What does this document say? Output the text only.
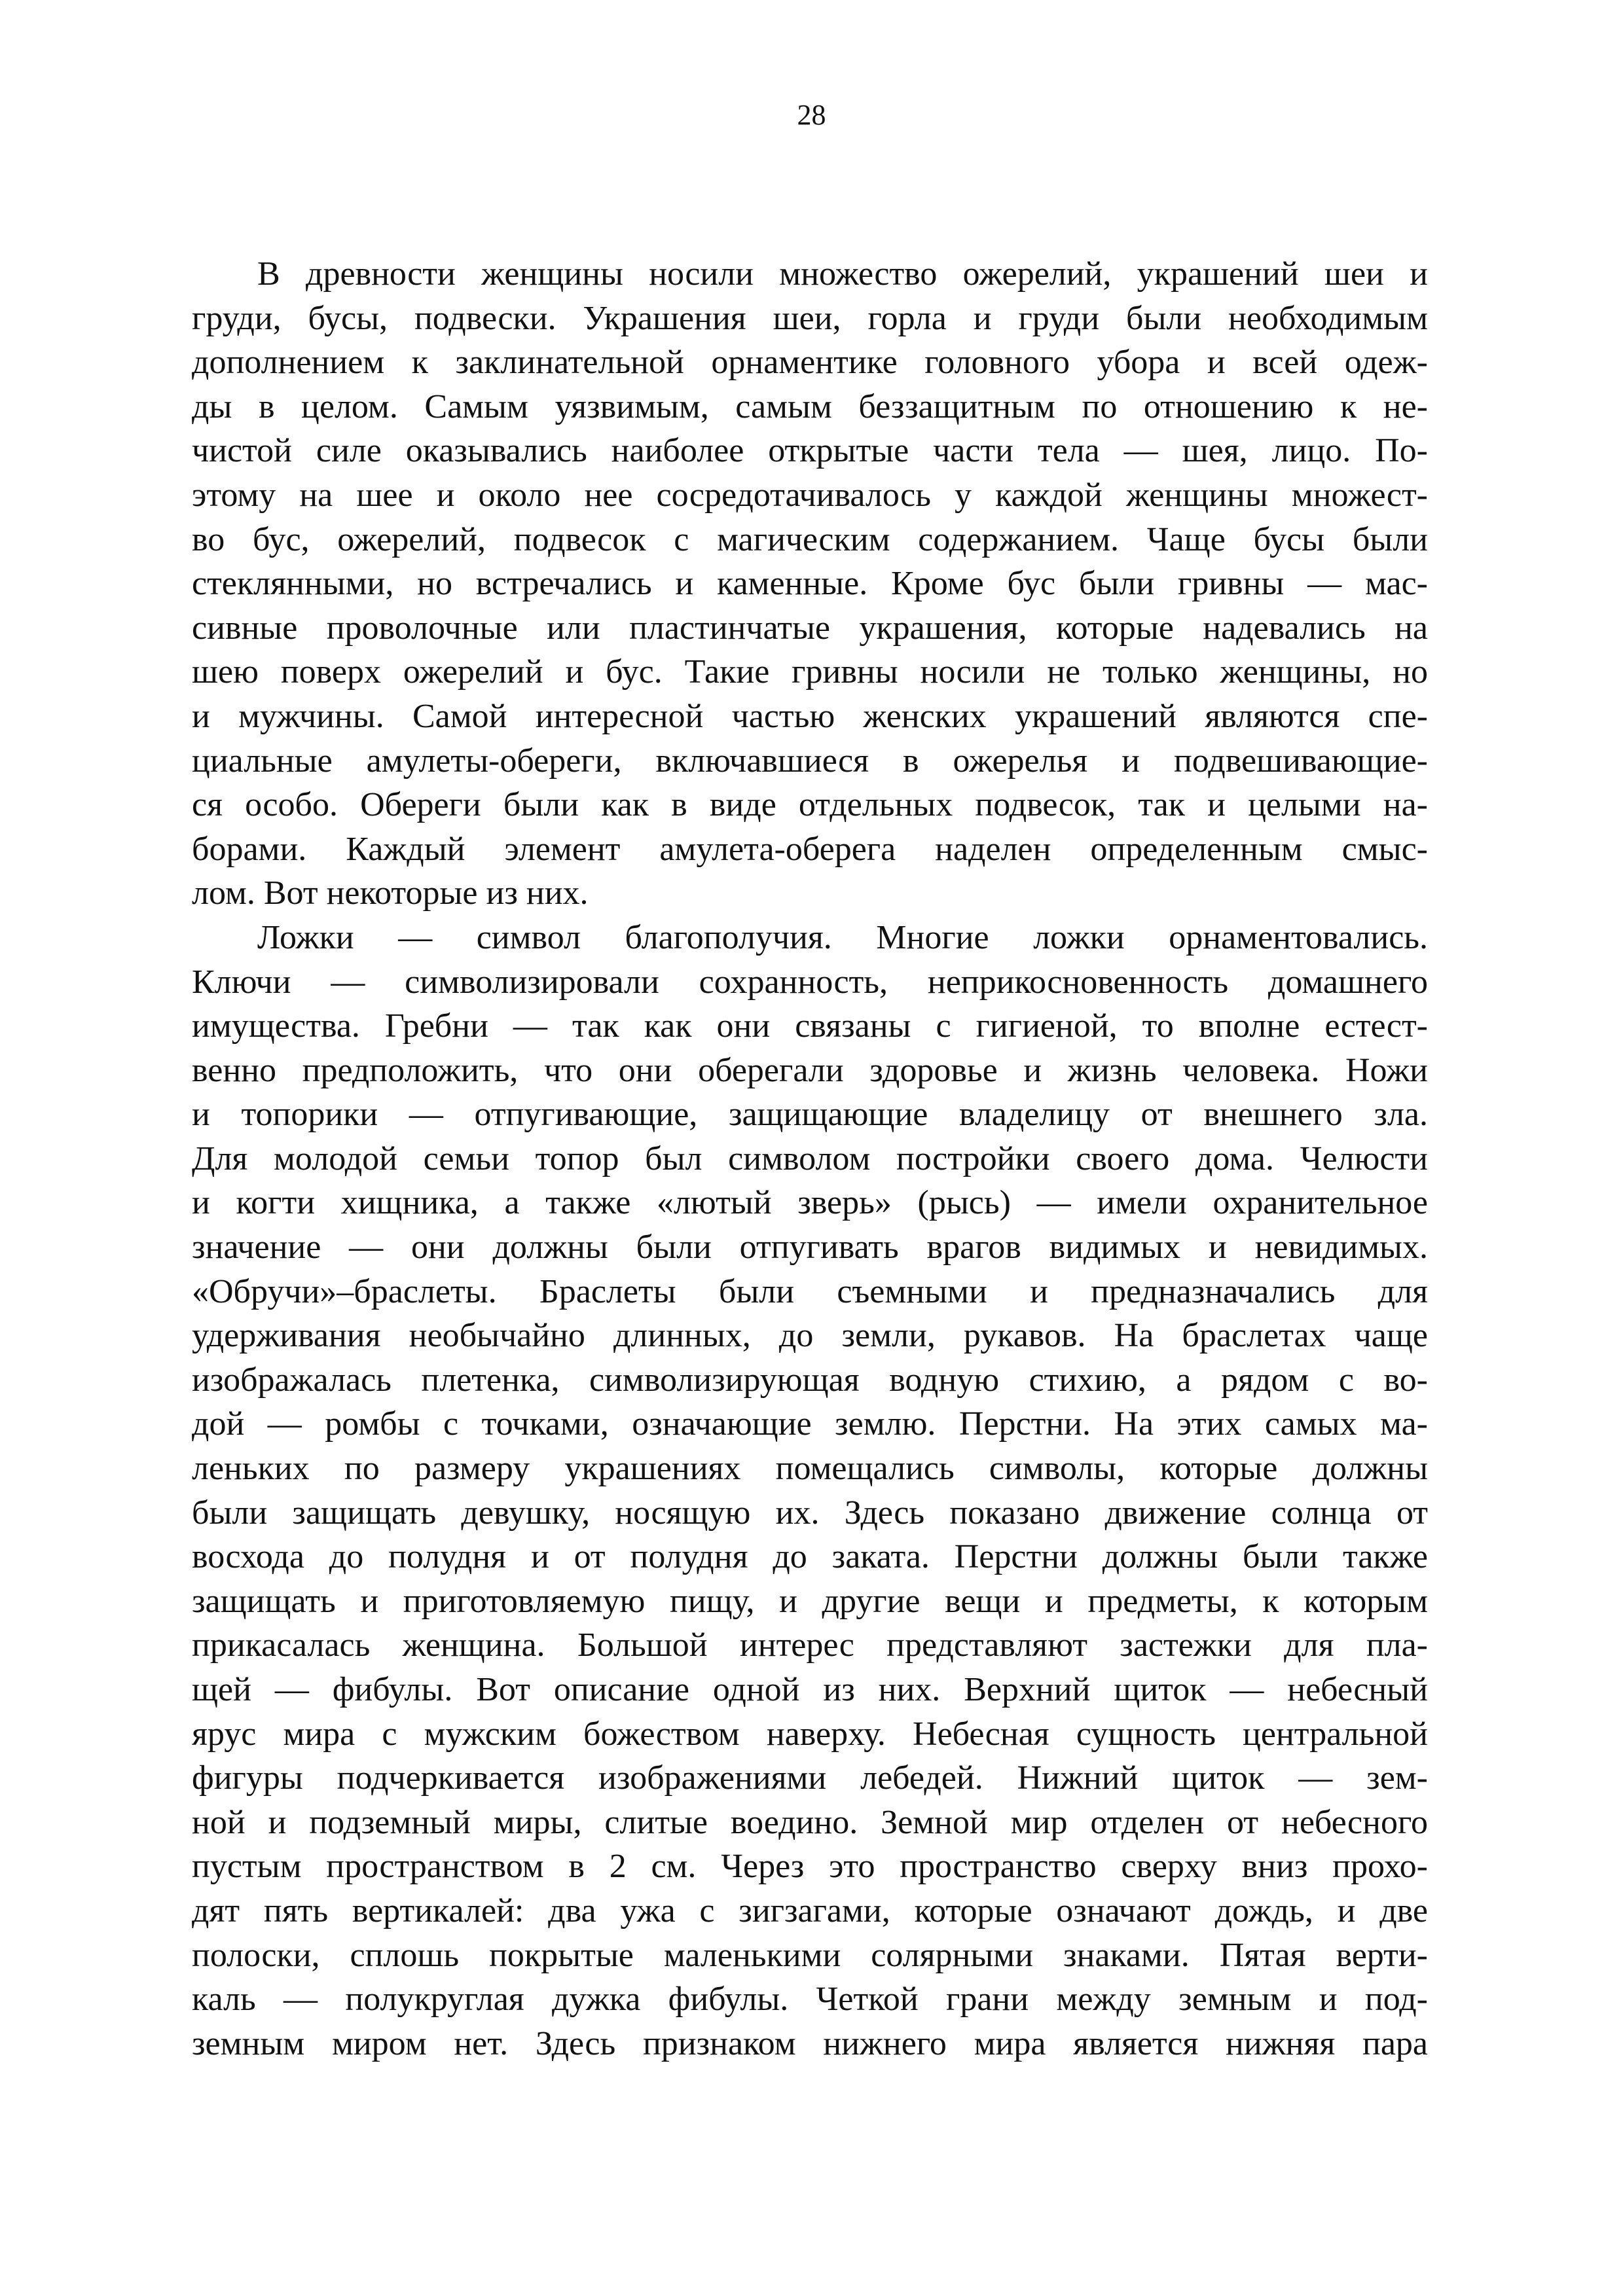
28
В древности женщины носили множество ожерелий, украшений шеи и
груди, бусы, подвески. Украшения шеи, горла и груди были необходимым
дополнением к заклинательной орнаментике головного убора и всей одеж-
ды в целом. Самым уязвимым, самым беззащитным по отношению к не-
чистой силе оказывались наиболее открытые части тела — шея, лицо. По-
этому на шее и около нее сосредотачивалось у каждой женщины множест-
во бус, ожерелий, подвесок с магическим содержанием. Чаще бусы были
стеклянными, но встречались и каменные. Кроме бус были гривны — мас-
сивные проволочные или пластинчатые украшения, которые надевались на
шею поверх ожерелий и бус. Такие гривны носили не только женщины, но
и мужчины. Самой интересной частью женских украшений являются спе-
циальные амулеты-обереги, включавшиеся в ожерелья и подвешивающие-
ся особо. Обереги были как в виде отдельных подвесок, так и целыми на-
борами. Каждый элемент амулета-оберега наделен определенным смыс-
лом. Вот некоторые из них.
Ложки — символ благополучия. Многие ложки орнаментовались.
Ключи — символизировали сохранность, неприкосновенность домашнего
имущества. Гребни — так как они связаны с гигиеной, то вполне естест-
венно предположить, что они оберегали здоровье и жизнь человека. Ножи
и топорики — отпугивающие, защищающие владелицу от внешнего зла.
Для молодой семьи топор был символом постройки своего дома. Челюсти
и когти хищника, а также «лютый зверь» (рысь) — имели охранительное
значение — они должны были отпугивать врагов видимых и невидимых.
«Обручи»–браслеты. Браслеты были съемными и предназначались для
удерживания необычайно длинных, до земли, рукавов. На браслетах чаще
изображалась плетенка, символизирующая водную стихию, а рядом с во-
дой — ромбы с точками, означающие землю. Перстни. На этих самых ма-
леньких по размеру украшениях помещались символы, которые должны
были защищать девушку, носящую их. Здесь показано движение солнца от
восхода до полудня и от полудня до заката. Перстни должны были также
защищать и приготовляемую пищу, и другие вещи и предметы, к которым
прикасалась женщина. Большой интерес представляют застежки для пла-
щей — фибулы. Вот описание одной из них. Верхний щиток — небесный
ярус мира с мужским божеством наверху. Небесная сущность центральной
фигуры подчеркивается изображениями лебедей. Нижний щиток — зем-
ной и подземный миры, слитые воедино. Земной мир отделен от небесного
пустым пространством в 2 см. Через это пространство сверху вниз прохо-
дят пять вертикалей: два ужа с зигзагами, которые означают дождь, и две
полоски, сплошь покрытые маленькими солярными знаками. Пятая верти-
каль — полукруглая дужка фибулы. Четкой грани между земным и под-
земным миром нет. Здесь признаком нижнего мира является нижняя пара
